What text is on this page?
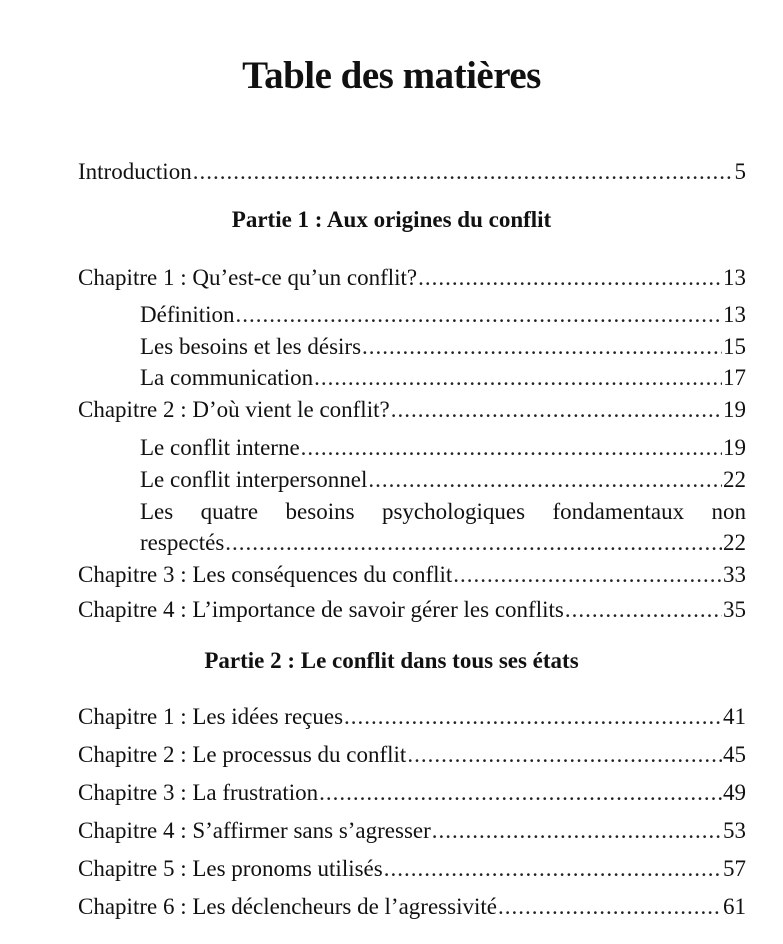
Table des matières
Introduction .....	5
Partie 1 : Aux origines du conflit
Chapitre 1 : Qu’est-ce qu’un conflit? .....	13
Définition .....	13
Les besoins et les désirs .....	15
La communication .....	17
Chapitre 2 : D’où vient le conflit? .....	19
Le conflit interne .....	19
Le conflit interpersonnel .....	22
Les quatre besoins psychologiques fondamentaux non
respectés .....	22
Chapitre 3 : Les conséquences du conflit .....	33
Chapitre 4 : L’importance de savoir gérer les conflits .....	35
Partie 2 : Le conflit dans tous ses états
Chapitre 1 : Les idées reçues .....	41
Chapitre 2 : Le processus du conflit .....	45
Chapitre 3 : La frustration .....	49
Chapitre 4 : S’affirmer sans s’agresser .....	53
Chapitre 5 : Les pronoms utilisés .....	57
Chapitre 6 : Les déclencheurs de l’agressivité .....	61
